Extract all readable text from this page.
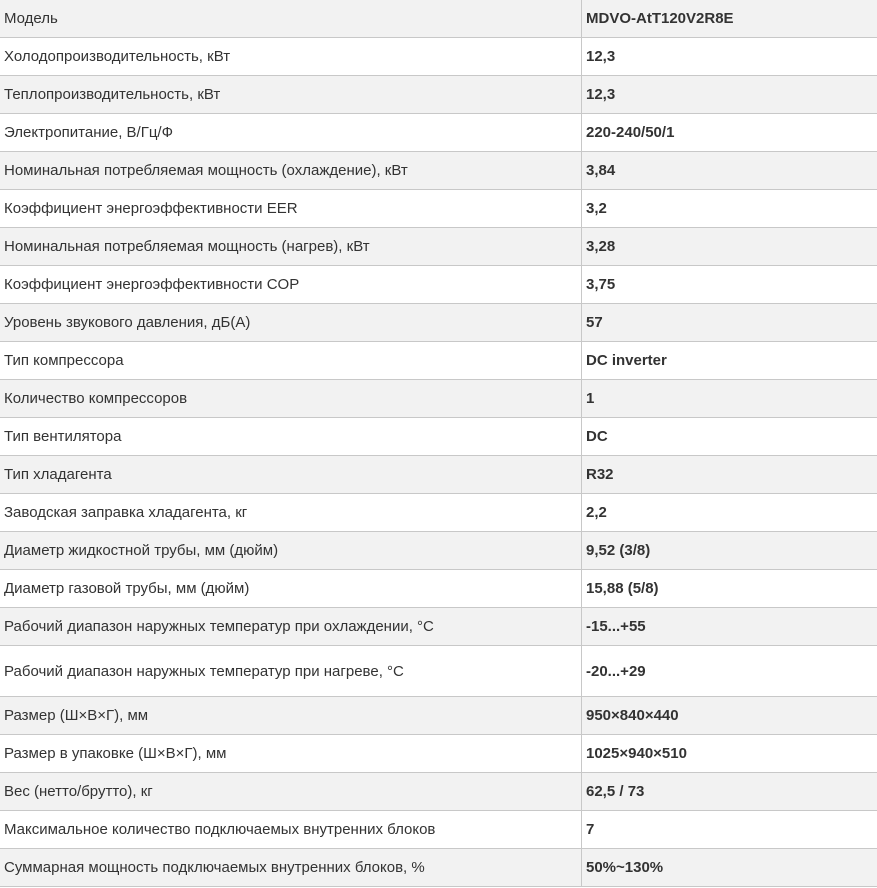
Модель	MDVO-AtT120V2R8E
Холодопроизводительность, кВт	12,3
Теплопроизводительность, кВт	12,3
Электропитание, В/Гц/Ф	220-240/50/1
Номинальная потребляемая мощность (охлаждение), кВт	3,84
Коэффициент энергоэффективности EER	3,2
Номинальная потребляемая мощность (нагрев), кВт	3,28
Коэффициент энергоэффективности COP	3,75
Уровень звукового давления, дБ(А)	57
Тип компрессора	DC inverter
Количество компрессоров	1
Тип вентилятора	DC
Тип хладагента	R32
Заводская заправка хладагента, кг	2,2
Диаметр жидкостной трубы, мм (дюйм)	9,52 (3/8)
Диаметр газовой трубы, мм (дюйм)	15,88 (5/8)
Рабочий диапазон наружных температур при охлаждении, °С	-15...+55
Рабочий диапазон наружных температур при нагреве, °С	-20...+29
Размер (Ш×В×Г), мм	950×840×440
Размер в упаковке (Ш×В×Г), мм	1025×940×510
Вес (нетто/брутто), кг	62,5 / 73
Максимальное количество подключаемых внутренних блоков	7
Суммарная мощность подключаемых внутренних блоков, %	50%~130%
